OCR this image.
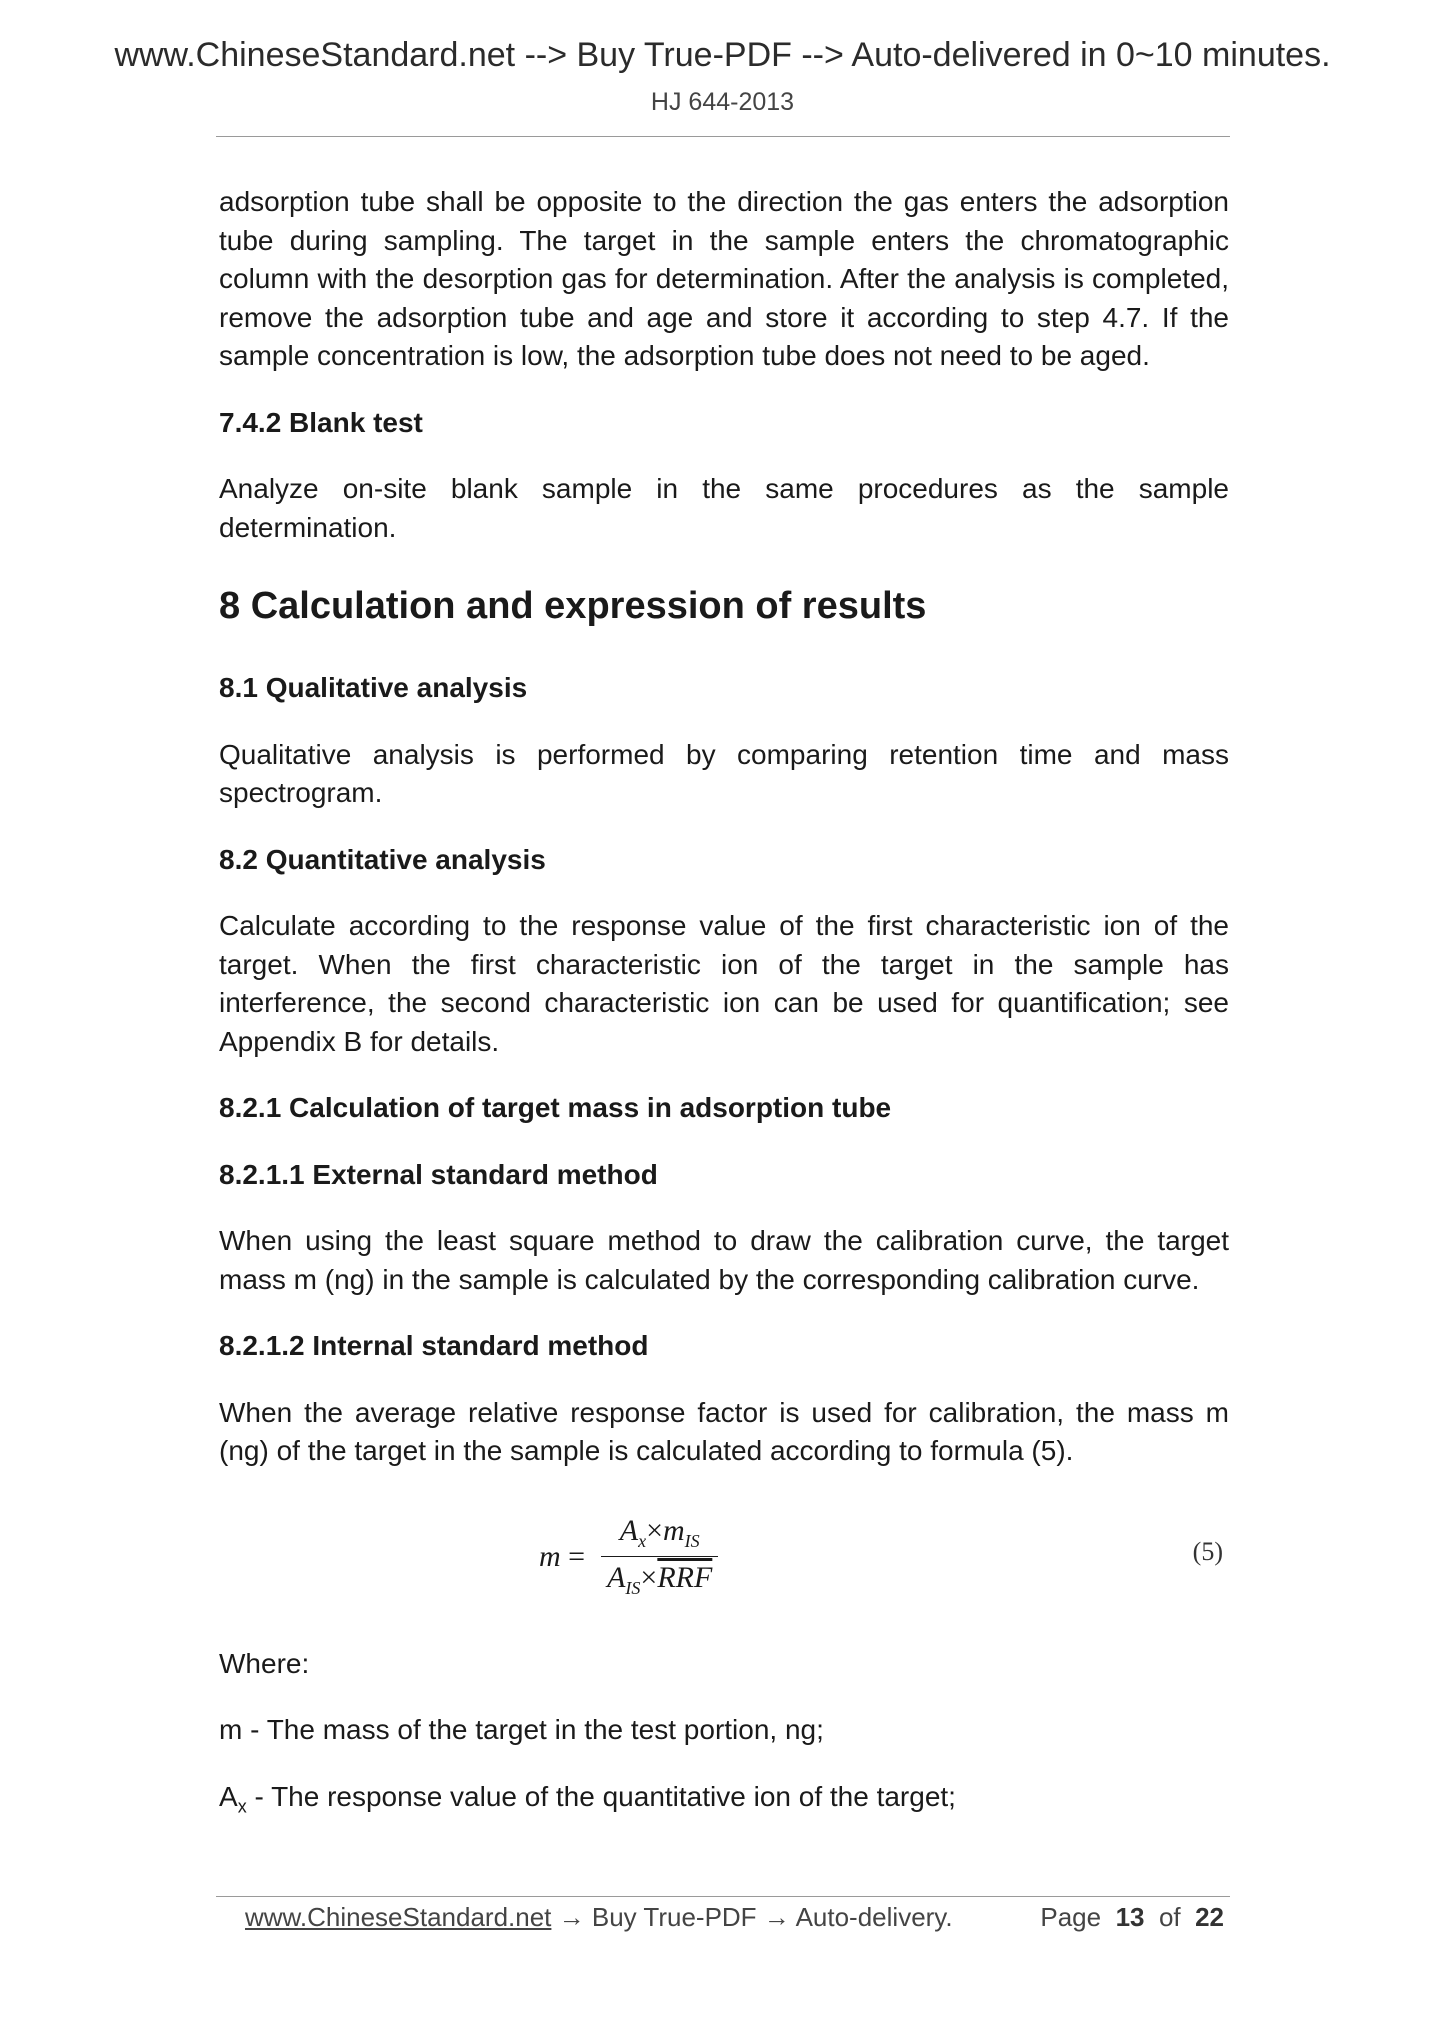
www.ChineseStandard.net --> Buy True-PDF --> Auto-delivered in 0~10 minutes.
HJ 644-2013

adsorption tube shall be opposite to the direction the gas enters the adsorption tube during sampling. The target in the sample enters the chromatographic column with the desorption gas for determination. After the analysis is completed, remove the adsorption tube and age and store it according to step 4.7. If the sample concentration is low, the adsorption tube does not need to be aged.

7.4.2 Blank test

Analyze on-site blank sample in the same procedures as the sample determination.

8 Calculation and expression of results
8.1 Qualitative analysis

Qualitative analysis is performed by comparing retention time and mass spectrogram.

8.2 Quantitative analysis

Calculate according to the response value of the first characteristic ion of the target. When the first characteristic ion of the target in the sample has interference, the second characteristic ion can be used for quantification; see Appendix B for details.

8.2.1 Calculation of target mass in adsorption tube
8.2.1.1 External standard method

When using the least square method to draw the calibration curve, the target mass m (ng) in the sample is calculated by the corresponding calibration curve.

8.2.1.2 Internal standard method

When the average relative response factor is used for calibration, the mass m (ng) of the target in the sample is calculated according to formula (5).

$m = \frac{A_x\times m_{IS}}{A_{IS}\times\overline{RRF}}$	(5)

Where:

m - The mass of the target in the test portion, ng;

$A_x$ - The response value of the quantitative ion of the target;

www.ChineseStandard.net → Buy True-PDF → Auto-delivery.	Page 13 of 22
